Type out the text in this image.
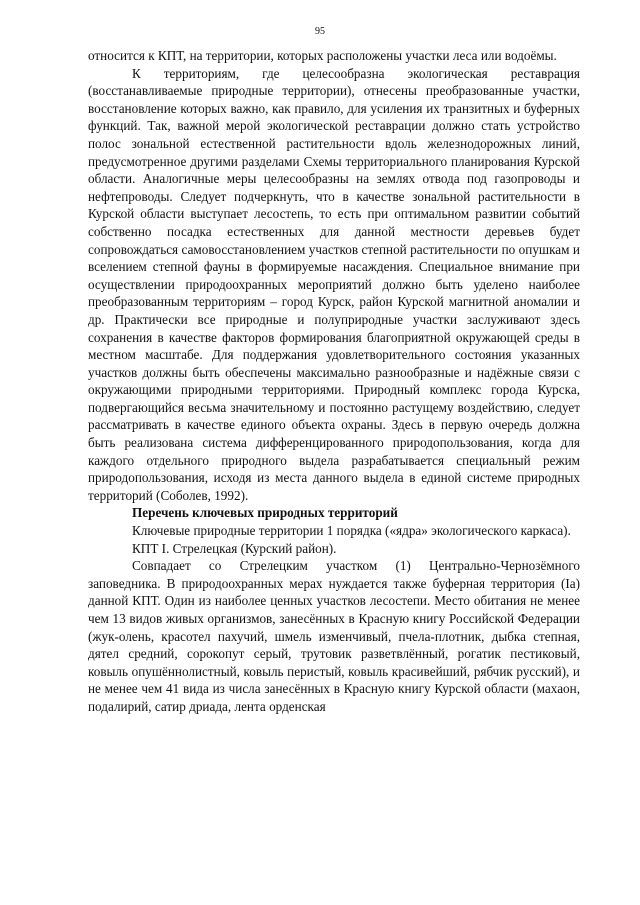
95

относится к КПТ, на территории, которых расположены участки леса или водоёмы.

К территориям, где целесообразна экологическая реставрация (восстанавливаемые природные территории), отнесены преобразованные участки, восстановление которых важно, как правило, для усиления их транзитных и буферных функций. Так, важной мерой экологической реставрации должно стать устройство полос зональной естественной растительности вдоль железнодорожных линий, предусмотренное другими разделами Схемы территориального планирования Курской области. Аналогичные меры целесообразны на землях отвода под газопроводы и нефтепроводы. Следует подчеркнуть, что в качестве зональной растительности в Курской области выступает лесостепь, то есть при оптимальном развитии событий собственно посадка естественных для данной местности деревьев будет сопровождаться самовосстановлением участков степной растительности по опушкам и вселением степной фауны в формируемые насаждения. Специальное внимание при осуществлении природоохранных мероприятий должно быть уделено наиболее преобразованным территориям – город Курск, район Курской магнитной аномалии и др. Практически все природные и полуприродные участки заслуживают здесь сохранения в качестве факторов формирования благоприятной окружающей среды в местном масштабе. Для поддержания удовлетворительного состояния указанных участков должны быть обеспечены максимально разнообразные и надёжные связи с окружающими природными территориями. Природный комплекс города Курска, подвергающийся весьма значительному и постоянно растущему воздействию, следует рассматривать в качестве единого объекта охраны. Здесь в первую очередь должна быть реализована система дифференцированного природопользования, когда для каждого отдельного природного выдела разрабатывается специальный режим природопользования, исходя из места данного выдела в единой системе природных территорий (Соболев, 1992).

Перечень ключевых природных территорий

Ключевые природные территории 1 порядка («ядра» экологического каркаса).

КПТ I. Стрелецкая (Курский район).

Совпадает со Стрелецким участком (1) Центрально-Чернозёмного заповедника. В природоохранных мерах нуждается также буферная территория (Iа) данной КПТ. Один из наиболее ценных участков лесостепи. Место обитания не менее чем 13 видов живых организмов, занесённых в Красную книгу Российской Федерации (жук-олень, красотел пахучий, шмель изменчивый, пчела-плотник, дыбка степная, дятел средний, сорокопут серый, трутовик разветвлённый, рогатик пестиковый, ковыль опушённолистный, ковыль перистый, ковыль красивейший, рябчик русский), и не менее чем 41 вида из числа занесённых в Красную книгу Курской области (махаон, подалирий, сатир дриада, лента орденская
